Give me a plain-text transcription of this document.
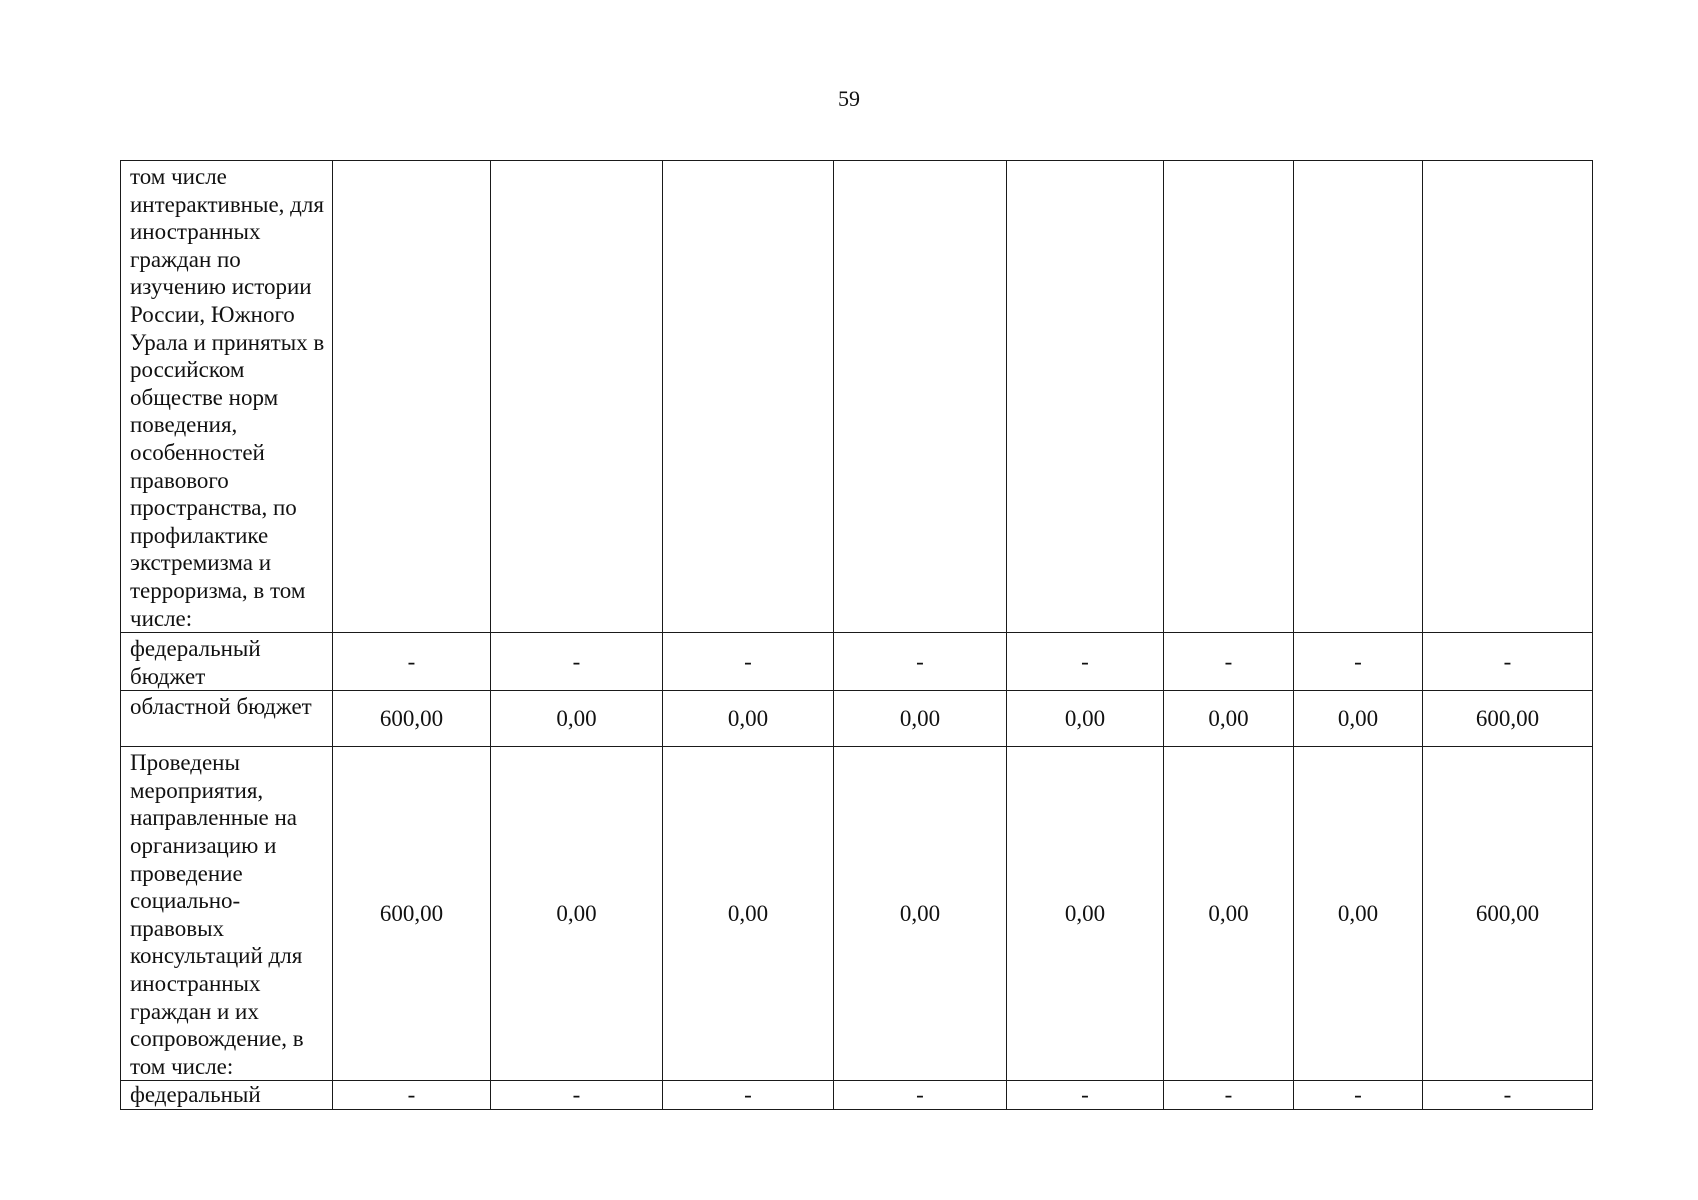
59
том числе интерактивные, для иностранных граждан по изучению истории России, Южного Урала и принятых в российском обществе норм поведения, особенностей правового пространства, по профилактике экстремизма и терроризма, в том числе:								
федеральный бюджет	-	-	-	-	-	-	-	-
областной бюджет	600,00	0,00	0,00	0,00	0,00	0,00	0,00	600,00
Проведены мероприятия, направленные на организацию и проведение социально-правовых консультаций для иностранных граждан и их сопровождение, в том числе:	600,00	0,00	0,00	0,00	0,00	0,00	0,00	600,00
федеральный	-	-	-	-	-	-	-	-
